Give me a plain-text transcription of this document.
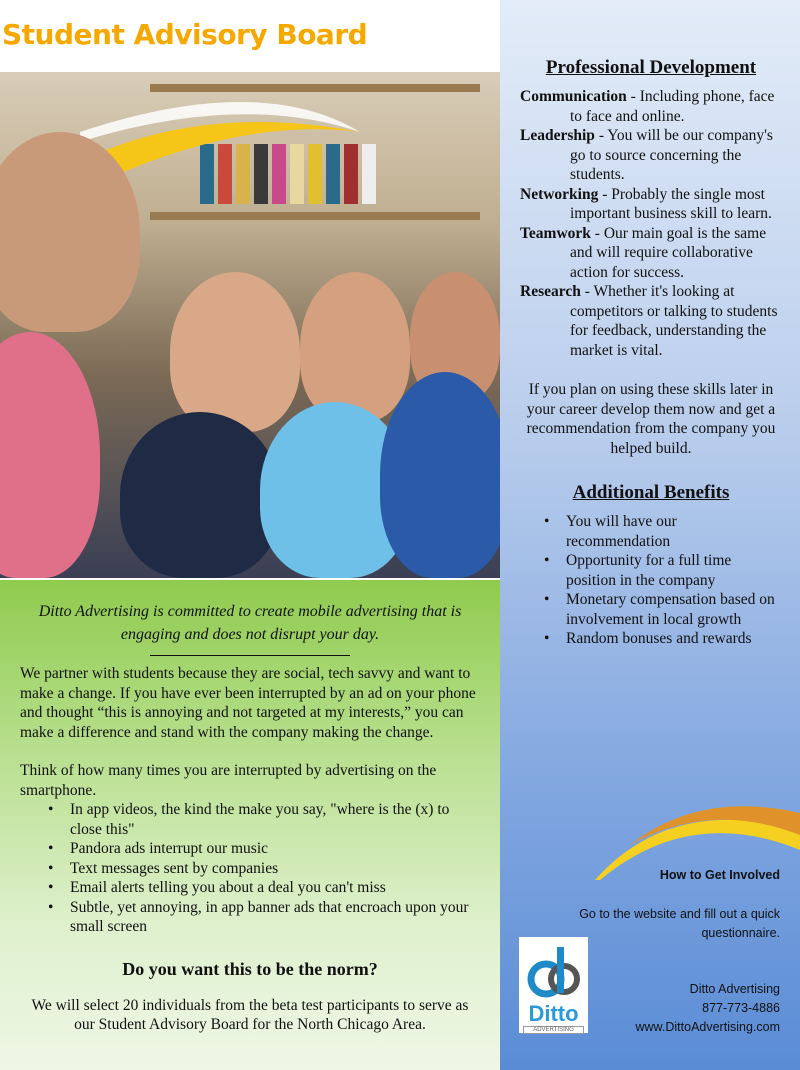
Student Advisory Board
Professional Development
Communication - Including phone, face to face and online.
Leadership - You will be our company's go to source concerning the students.
Networking - Probably the single most important business skill to learn.
Teamwork - Our main goal is the same and will require collaborative action for success.
Research - Whether it's looking at competitors or talking to students for feedback, understanding the market is vital.
If you plan on using these skills later in your career develop them now and get a recommendation from the company you helped build.
Additional Benefits
• You will have our recommendation
• Opportunity for a full time position in the company
• Monetary compensation based on involvement in local growth
• Random bonuses and rewards
How to Get Involved
Go to the website and fill out a quick questionnaire.
Ditto
ADVERTISING
Ditto Advertising
877-773-4886
www.DittoAdvertising.com
Ditto Advertising is committed to create mobile advertising that is engaging and does not disrupt your day.
We partner with students because they are social, tech savvy and want to make a change. If you have ever been interrupted by an ad on your phone and thought “this is annoying and not targeted at my interests,” you can make a difference and stand with the company making the change.
Think of how many times you are interrupted by advertising on the smartphone.
• In app videos, the kind the make you say, "where is the (x) to close this"
• Pandora ads interrupt our music
• Text messages sent by companies
• Email alerts telling you about a deal you can't miss
• Subtle, yet annoying, in app banner ads that encroach upon your small screen
Do you want this to be the norm?
We will select 20 individuals from the beta test participants to serve as our Student Advisory Board for the North Chicago Area.
